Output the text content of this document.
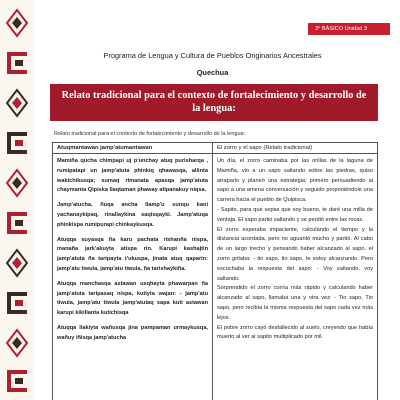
3° BÁSICO Unidad 3
Programa de Lengua y Cultura de Pueblos Originarios Ancestrales
Quechua
Relato tradicional para el contexto de fortalecimiento y desarrollo de la lengua:
Relato tradicional para el contexto de fortalecimiento y desarrollo de la lengua:
Atuqmantawan jamp'atumantawan	El zorro y el sapo (Relato tradicional)

Mamiña qucha chimpapi uj p'unchay atuq purisharqa , rumipatapi un jamp'atuta phinkiq qhawasqa, allinta wakichikusqa; sumaq rimanata apasqa jamp'atuta chaymanta Qipiska llaqtaman phaway atipanakuy niqsa.

Jamp'atucha, ñuqa ancha llamp'u sunqu kani yachanaykipaq, rinallaykina saqisqayki. Jamp'atuqa phinkispa rumipurapi chinkaykusqa.

Atuqqa suyasqa ña karu pachata rishanña nispa, manaña jark'akuyta atispa rin. Karupi kashajtin jamp'atuta ña taripayta t'ukuspa, jinata atuq qaparin: jamp'atu tiwula, jamp'atu tiwula, ña tarishaykiña.

Atuqqa manchasqa astawan usqhayta phawarpan ña jamp'atuta taripasaq nispa, kutiyta wajan: - jamp'atu tiwula, jamp'atu tiwula jamp'atutaq sapa kuti astawan karupi kikillanta kutichisqa

Atuqqa llakiyta wañusqa jina pampaman urmaykusqa, wañuy iñisqa jamp'atucha

Un día, el zorro caminaba por las orillas de la laguna de Mamiña, vio a un sapo saltando sobre las piedras, quiso atraparlo y planeó una estrategia; primero persuadiendo al sapo a una amena conversación y seguido proponiéndole una carrera hacia el pueblo de Quipisca.

- Sapito, para que sepas que soy bueno, te daré una milla de ventaja. El sapo partió saltando y se perdió entre las rocas.

El zorro esperaba impaciente, calculando el tiempo y la distancia acordada, pero no aguantó mucho y partió. Al cabo de un largo trecho y pensando haber alcanzado al sapo, el zorro gritaba: - tio sapo, tio sapo, te estoy alcanzando. Pero escuchaba la respuesta del sapo: - Voy saltando, voy saltando.

Sorprendido el zorro corría más rápido y calculando haber alcanzado al sapo, llamaba una y otra vez: - Tio sapo, Tio sapo, pero recibía la misma respuesta del sapo cada vez más lejos.

El pobre zorro cayó desfallecido al suelo, creyendo que había muerto al ver al sapito multiplicado por mil.
